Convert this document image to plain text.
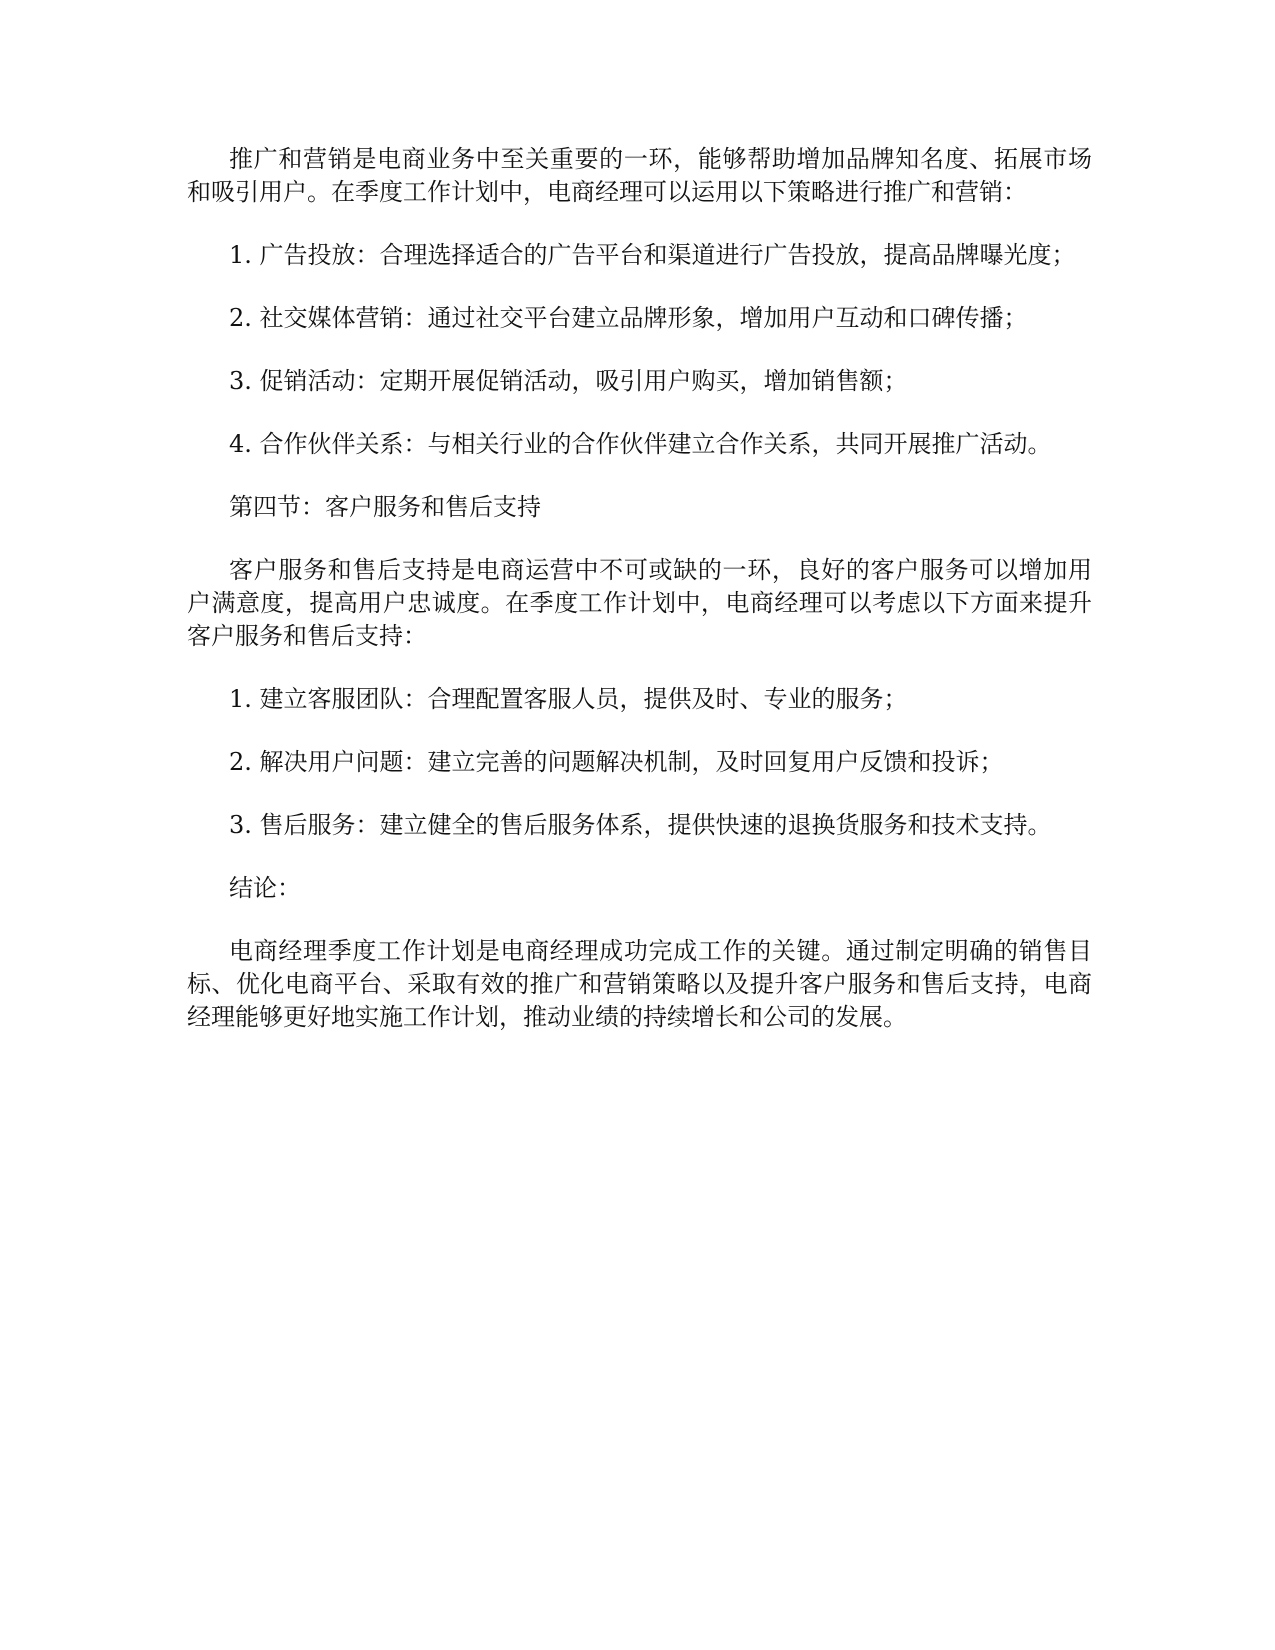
推广和营销是电商业务中至关重要的一环，能够帮助增加品牌知名度、拓展市场和吸引用户。在季度工作计划中，电商经理可以运用以下策略进行推广和营销：

1. 广告投放：合理选择适合的广告平台和渠道进行广告投放，提高品牌曝光度；

2. 社交媒体营销：通过社交平台建立品牌形象，增加用户互动和口碑传播；

3. 促销活动：定期开展促销活动，吸引用户购买，增加销售额；

4. 合作伙伴关系：与相关行业的合作伙伴建立合作关系，共同开展推广活动。

第四节：客户服务和售后支持

客户服务和售后支持是电商运营中不可或缺的一环，良好的客户服务可以增加用户满意度，提高用户忠诚度。在季度工作计划中，电商经理可以考虑以下方面来提升客户服务和售后支持：

1. 建立客服团队：合理配置客服人员，提供及时、专业的服务；

2. 解决用户问题：建立完善的问题解决机制，及时回复用户反馈和投诉；

3. 售后服务：建立健全的售后服务体系，提供快速的退换货服务和技术支持。

结论：

电商经理季度工作计划是电商经理成功完成工作的关键。通过制定明确的销售目标、优化电商平台、采取有效的推广和营销策略以及提升客户服务和售后支持，电商经理能够更好地实施工作计划，推动业绩的持续增长和公司的发展。
